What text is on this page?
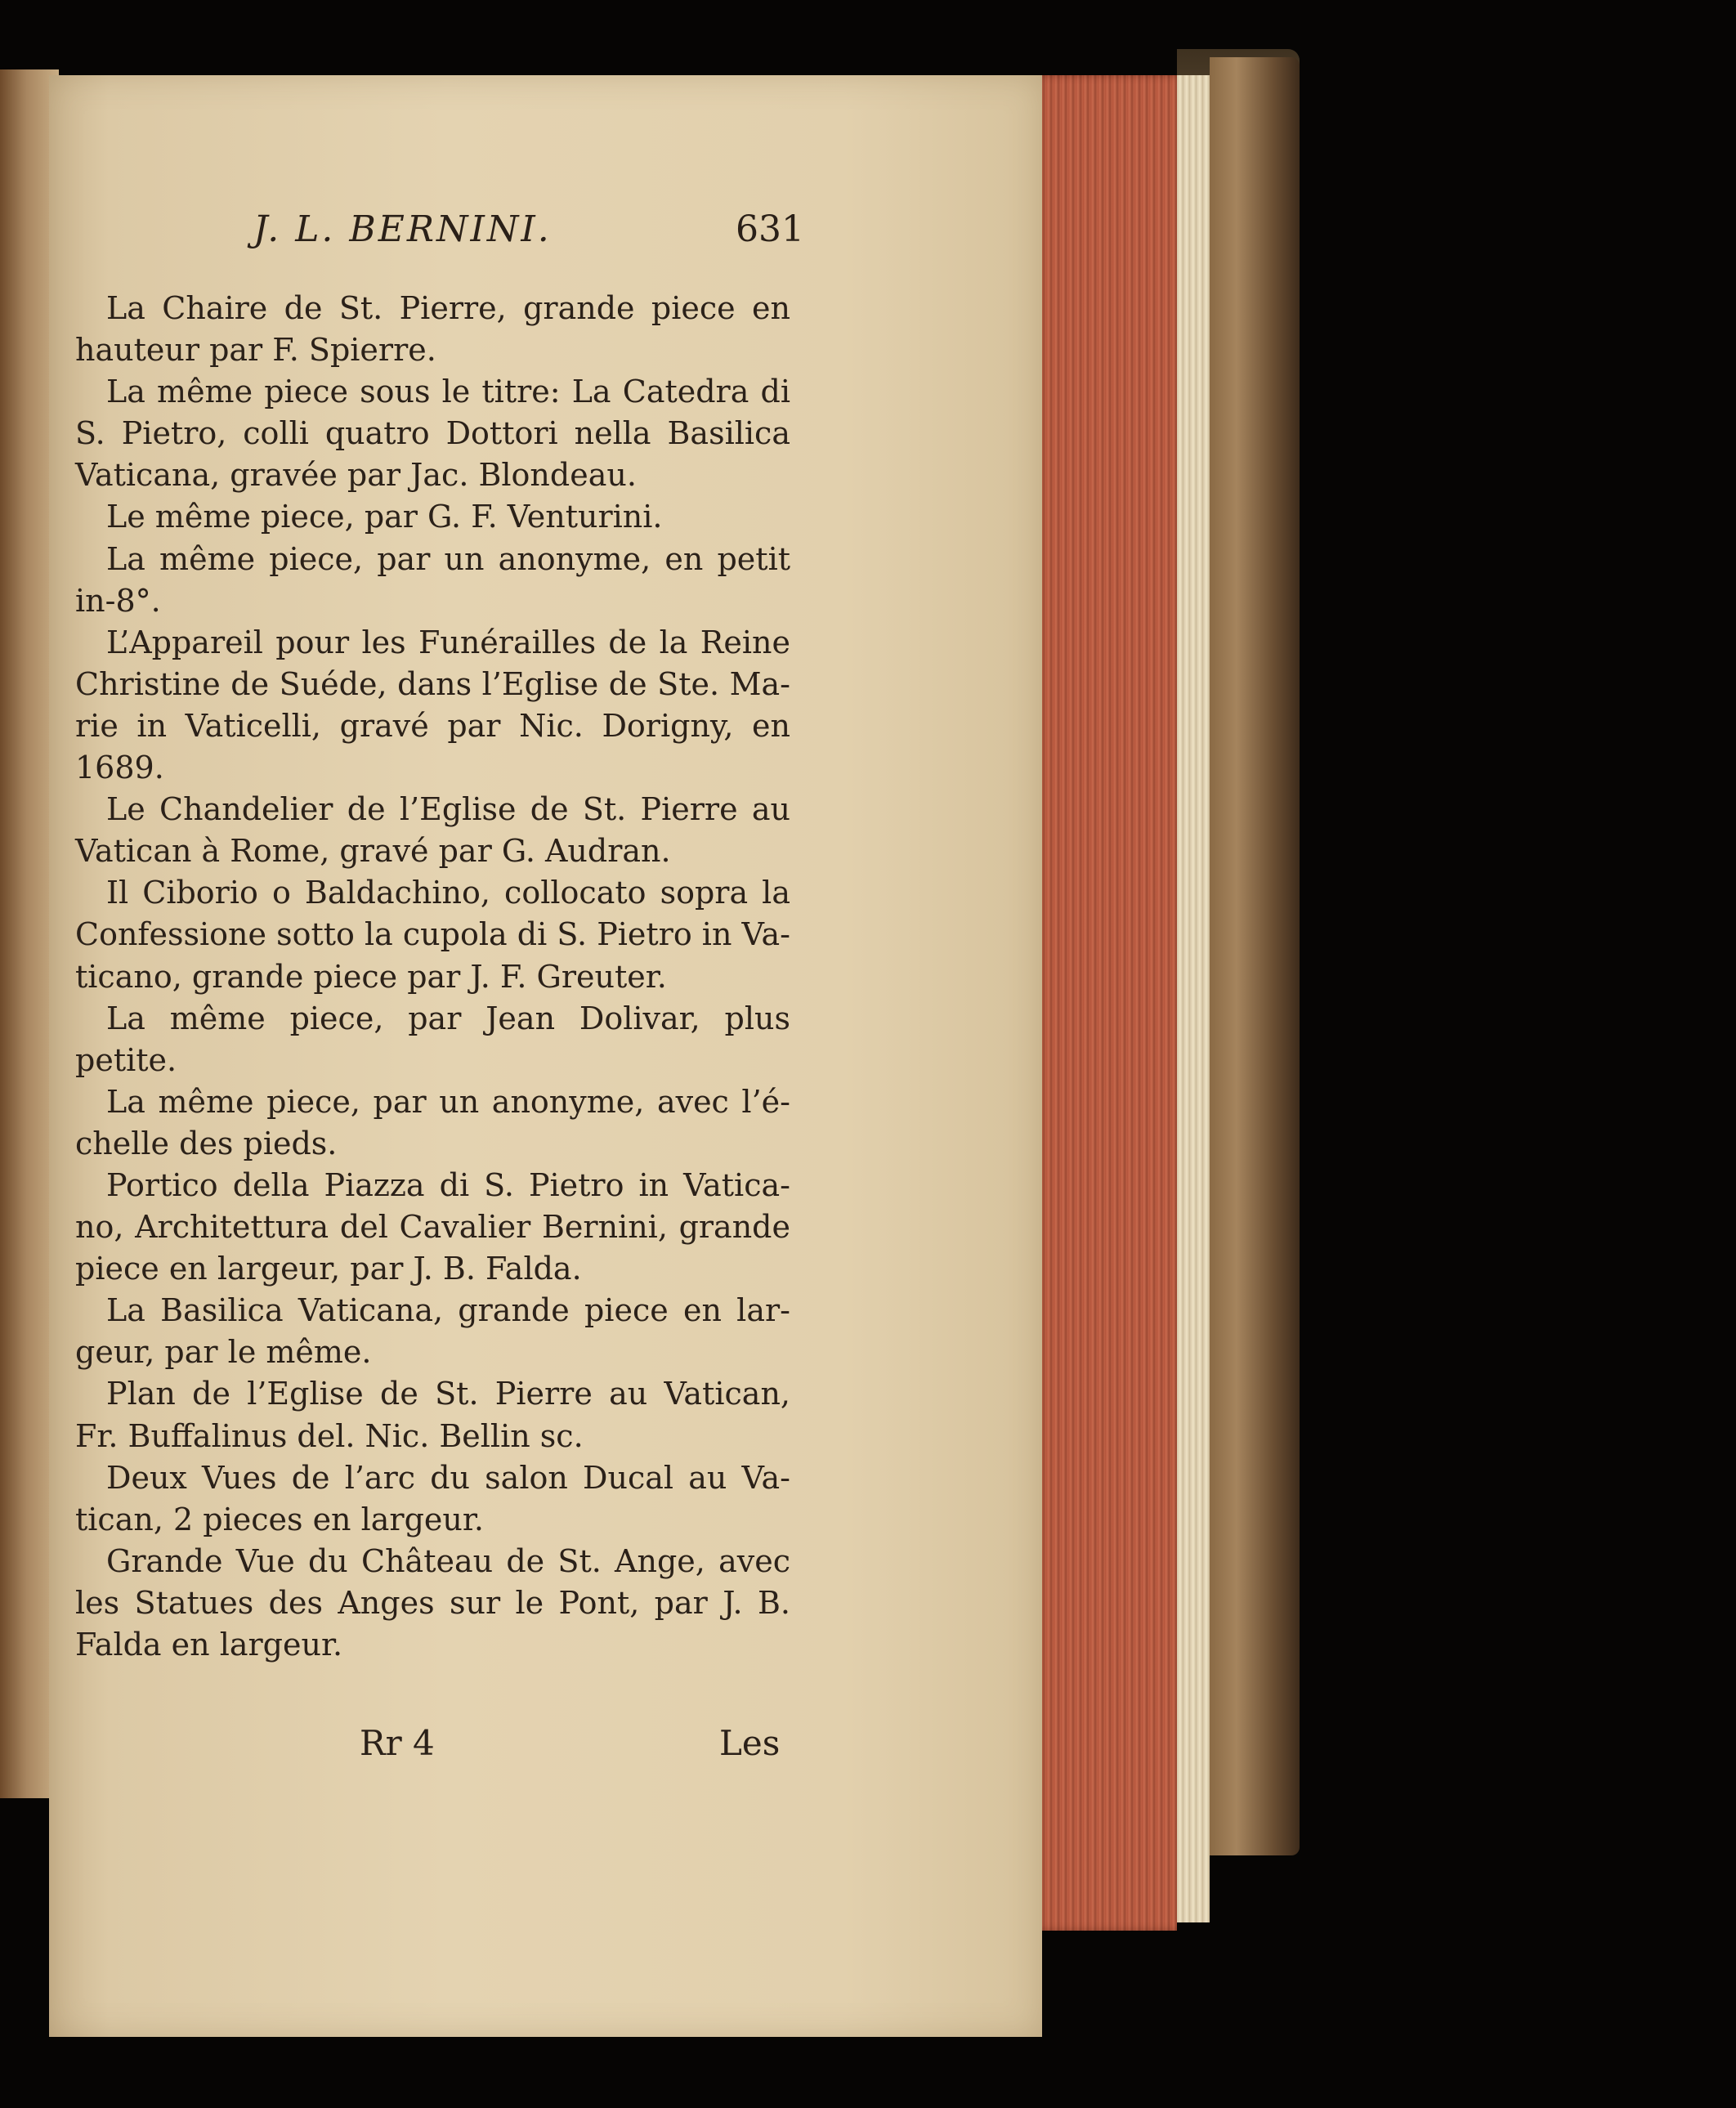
J. L. BERNINI.	631
La Chaire de St. Pierre, grande piece en
hauteur par F. Spierre.
La même piece sous le titre: La Catedra di
S. Pietro, colli quatro Dottori nella Basilica
Vaticana, gravée par Jac. Blondeau.
Le même piece, par G. F. Venturini.
La même piece, par un anonyme, en petit
in-8°.
L’Appareil pour les Funérailles de la Reine
Christine de Suéde, dans l’Eglise de Ste. Ma-
rie in Vaticelli, gravé par Nic. Dorigny, en
1689.
Le Chandelier de l’Eglise de St. Pierre au
Vatican à Rome, gravé par G. Audran.
Il Ciborio o Baldachino, collocato sopra la
Confessione sotto la cupola di S. Pietro in Va-
ticano, grande piece par J. F. Greuter.
La même piece, par Jean Dolivar, plus
petite.
La même piece, par un anonyme, avec l’é-
chelle des pieds.
Portico della Piazza di S. Pietro in Vatica-
no, Architettura del Cavalier Bernini, grande
piece en largeur, par J. B. Falda.
La Basilica Vaticana, grande piece en lar-
geur, par le même.
Plan de l’Eglise de St. Pierre au Vatican,
Fr. Buffalinus del. Nic. Bellin sc.
Deux Vues de l’arc du salon Ducal au Va-
tican, 2 pieces en largeur.
Grande Vue du Château de St. Ange, avec
les Statues des Anges sur le Pont, par J. B.
Falda en largeur.
Rr 4	Les
